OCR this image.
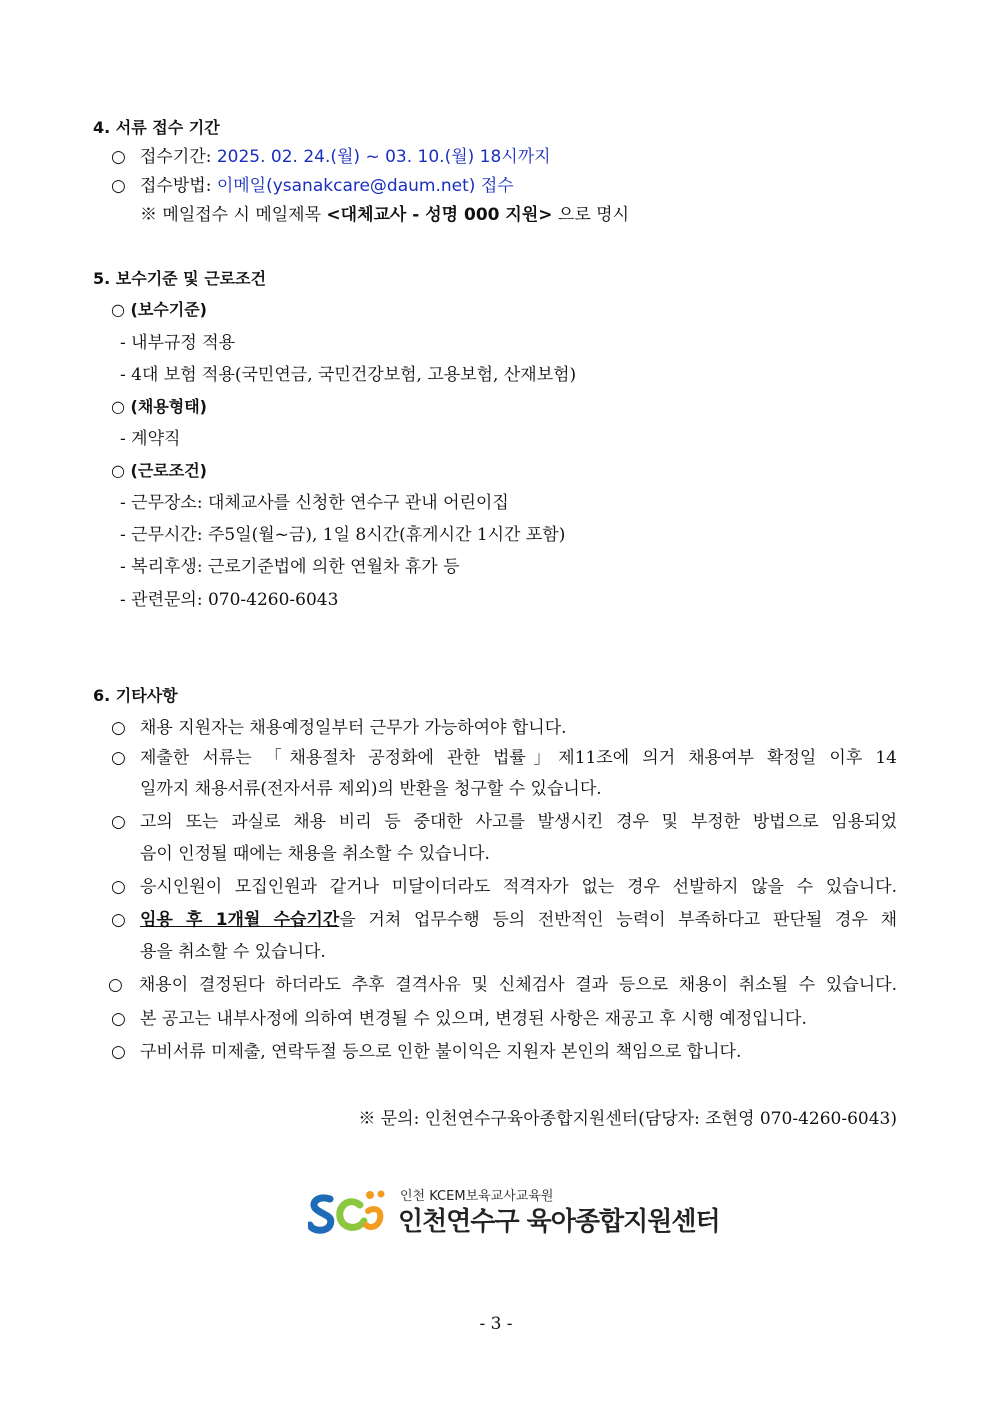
4. 서류 접수 기간
○ 접수기간: 2025. 02. 24.(월) ~ 03. 10.(월) 18시까지
○ 접수방법: 이메일(ysanakcare@daum.net) 접수
※ 메일접수 시 메일제목 <대체교사 - 성명 000 지원> 으로 명시
5. 보수기준 및 근로조건
○ (보수기준)
- 내부규정 적용
- 4대 보험 적용(국민연금, 국민건강보험, 고용보험, 산재보험)
○ (채용형태)
- 계약직
○ (근로조건)
- 근무장소: 대체교사를 신청한 연수구 관내 어린이집
- 근무시간: 주5일(월~금), 1일 8시간(휴게시간 1시간 포함)
- 복리후생: 근로기준법에 의한 연월차 휴가 등
- 관련문의: 070-4260-6043
6. 기타사항
○ 채용 지원자는 채용예정일부터 근무가 가능하여야 합니다.
○ 제출한 서류는 「채용절차 공정화에 관한 법률」제11조에 의거 채용여부 확정일 이후 14
일까지 채용서류(전자서류 제외)의 반환을 청구할 수 있습니다.
○ 고의 또는 과실로 채용 비리 등 중대한 사고를 발생시킨 경우 및 부정한 방법으로 임용되었
음이 인정될 때에는 채용을 취소할 수 있습니다.
○ 응시인원이 모집인원과 같거나 미달이더라도 적격자가 없는 경우 선발하지 않을 수 있습니다.
○ 임용 후 1개월 수습기간을 거쳐 업무수행 등의 전반적인 능력이 부족하다고 판단될 경우 채
용을 취소할 수 있습니다.
○ 채용이 결정된다 하더라도 추후 결격사유 및 신체검사 결과 등으로 채용이 취소될 수 있습니다.
○ 본 공고는 내부사정에 의하여 변경될 수 있으며, 변경된 사항은 재공고 후 시행 예정입니다.
○ 구비서류 미제출, 연락두절 등으로 인한 불이익은 지원자 본인의 책임으로 합니다.
※ 문의: 인천연수구육아종합지원센터(담당자: 조현영 070-4260-6043)
인천 KCEM보육교사교육원
인천연수구 육아종합지원센터
- 3 -
